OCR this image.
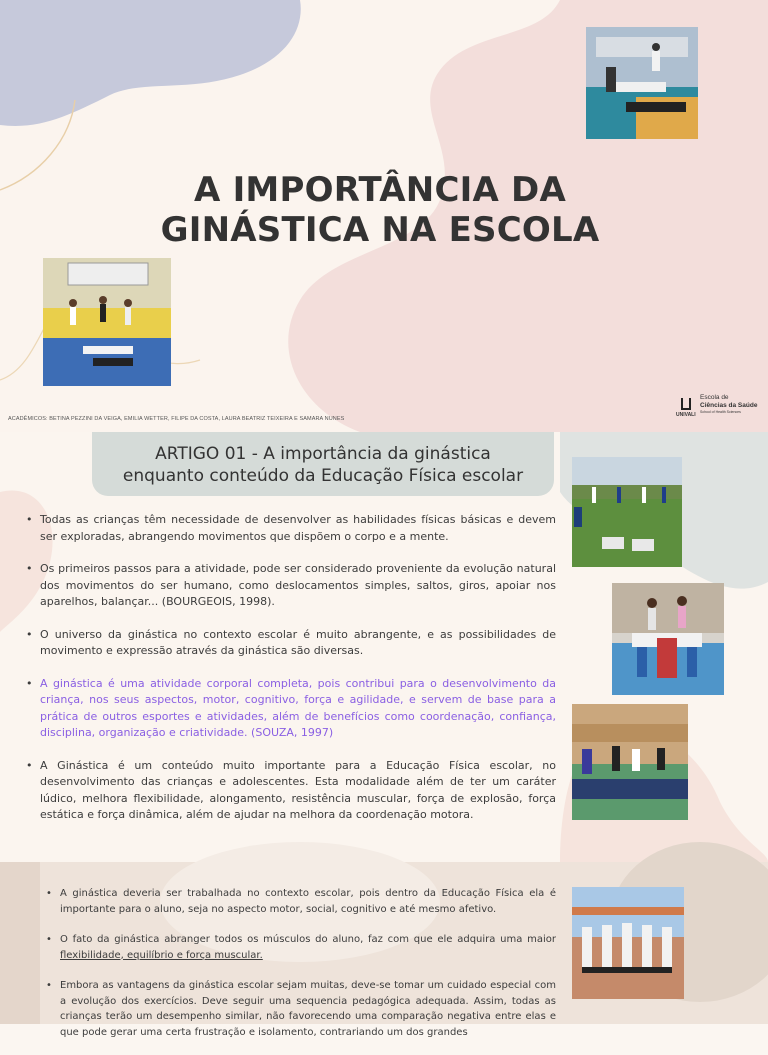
A IMPORTÂNCIA DA
GINÁSTICA NA ESCOLA
ACADÊMICOS: BETINA PEZZINI DA VEIGA, EMILIA WETTER, FILIPE DA COSTA, LAURA BEATRIZ TEIXEIRA E SAMARA NUNES
UNIVALI
Escola de
Ciências da Saúde
School of Health Sciences
ARTIGO 01 - A importância da ginástica
enquanto conteúdo da Educação Física escolar
• Todas as crianças têm necessidade de desenvolver as habilidades físicas básicas e devem ser exploradas, abrangendo movimentos que dispõem o corpo e a mente.
• Os primeiros passos para a atividade, pode ser considerado proveniente da evolução natural dos movimentos do ser humano, como deslocamentos simples, saltos, giros, apoiar nos aparelhos, balançar... (BOURGEOIS, 1998).
• O universo da ginástica no contexto escolar é muito abrangente, e as possibilidades de movimento e expressão através da ginástica são diversas.
• A ginástica é uma atividade corporal completa, pois contribui para o desenvolvimento da criança, nos seus aspectos, motor, cognitivo, força e agilidade, e servem de base para a prática de outros esportes e atividades, além de benefícios como coordenação, confiança, disciplina, organização e criatividade. (SOUZA, 1997)
• A Ginástica é um conteúdo muito importante para a Educação Física escolar, no desenvolvimento das crianças e adolescentes. Esta modalidade além de ter um caráter lúdico, melhora flexibilidade, alongamento, resistência muscular, força de explosão, força estática e força dinâmica, além de ajudar na melhora da coordenação motora.
• A ginástica deveria ser trabalhada no contexto escolar, pois dentro da Educação Física ela é importante para o aluno, seja no aspecto motor, social, cognitivo e até mesmo afetivo.
• O fato da ginástica abranger todos os músculos do aluno, faz com que ele adquira uma maior flexibilidade, equilíbrio e força muscular.
• Embora as vantagens da ginástica escolar sejam muitas, deve-se tomar um cuidado especial com a evolução dos exercícios. Deve seguir uma sequencia pedagógica adequada. Assim, todas as crianças terão um desempenho similar, não favorecendo uma comparação negativa entre elas e que pode gerar uma certa frustração e isolamento, contrariando um dos grandes
